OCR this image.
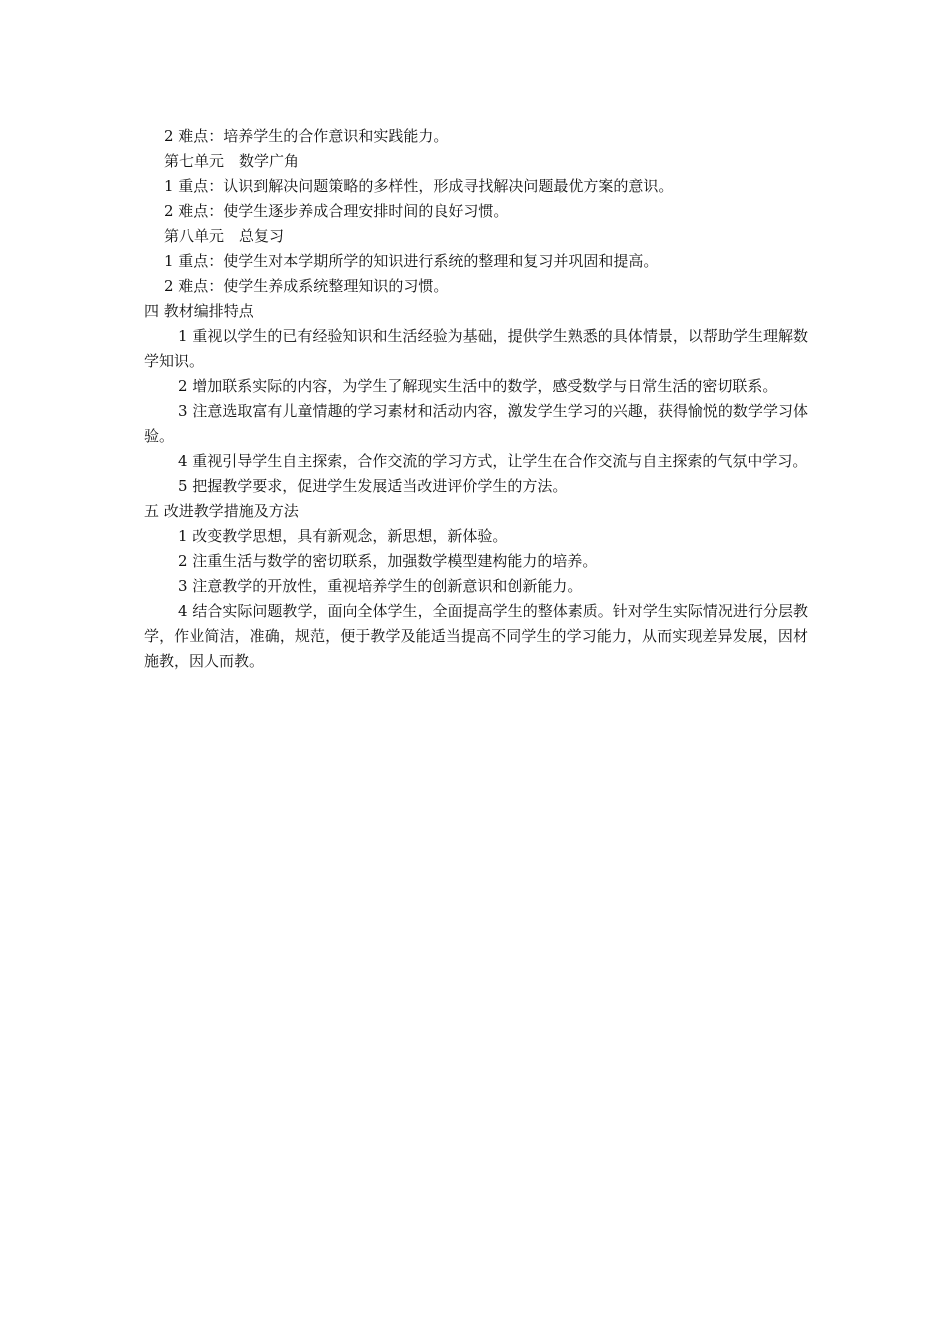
2 难点：培养学生的合作意识和实践能力。

第七单元　数学广角

1 重点：认识到解决问题策略的多样性，形成寻找解决问题最优方案的意识。

2 难点：使学生逐步养成合理安排时间的良好习惯。

第八单元　总复习

1 重点：使学生对本学期所学的知识进行系统的整理和复习并巩固和提高。

2 难点：使学生养成系统整理知识的习惯。

四 教材编排特点

1 重视以学生的已有经验知识和生活经验为基础，提供学生熟悉的具体情景，以帮助学生理解数学知识。

2 增加联系实际的内容，为学生了解现实生活中的数学，感受数学与日常生活的密切联系。

3 注意选取富有儿童情趣的学习素材和活动内容，激发学生学习的兴趣，获得愉悦的数学学习体验。

4 重视引导学生自主探索，合作交流的学习方式，让学生在合作交流与自主探索的气氛中学习。

5 把握教学要求，促进学生发展适当改进评价学生的方法。

五 改进教学措施及方法

1 改变教学思想，具有新观念，新思想，新体验。

2 注重生活与数学的密切联系，加强数学模型建构能力的培养。

3 注意教学的开放性，重视培养学生的创新意识和创新能力。

4 结合实际问题教学，面向全体学生，全面提高学生的整体素质。针对学生实际情况进行分层教学，作业简洁，准确，规范，便于教学及能适当提高不同学生的学习能力，从而实现差异发展，因材施教，因人而教。
